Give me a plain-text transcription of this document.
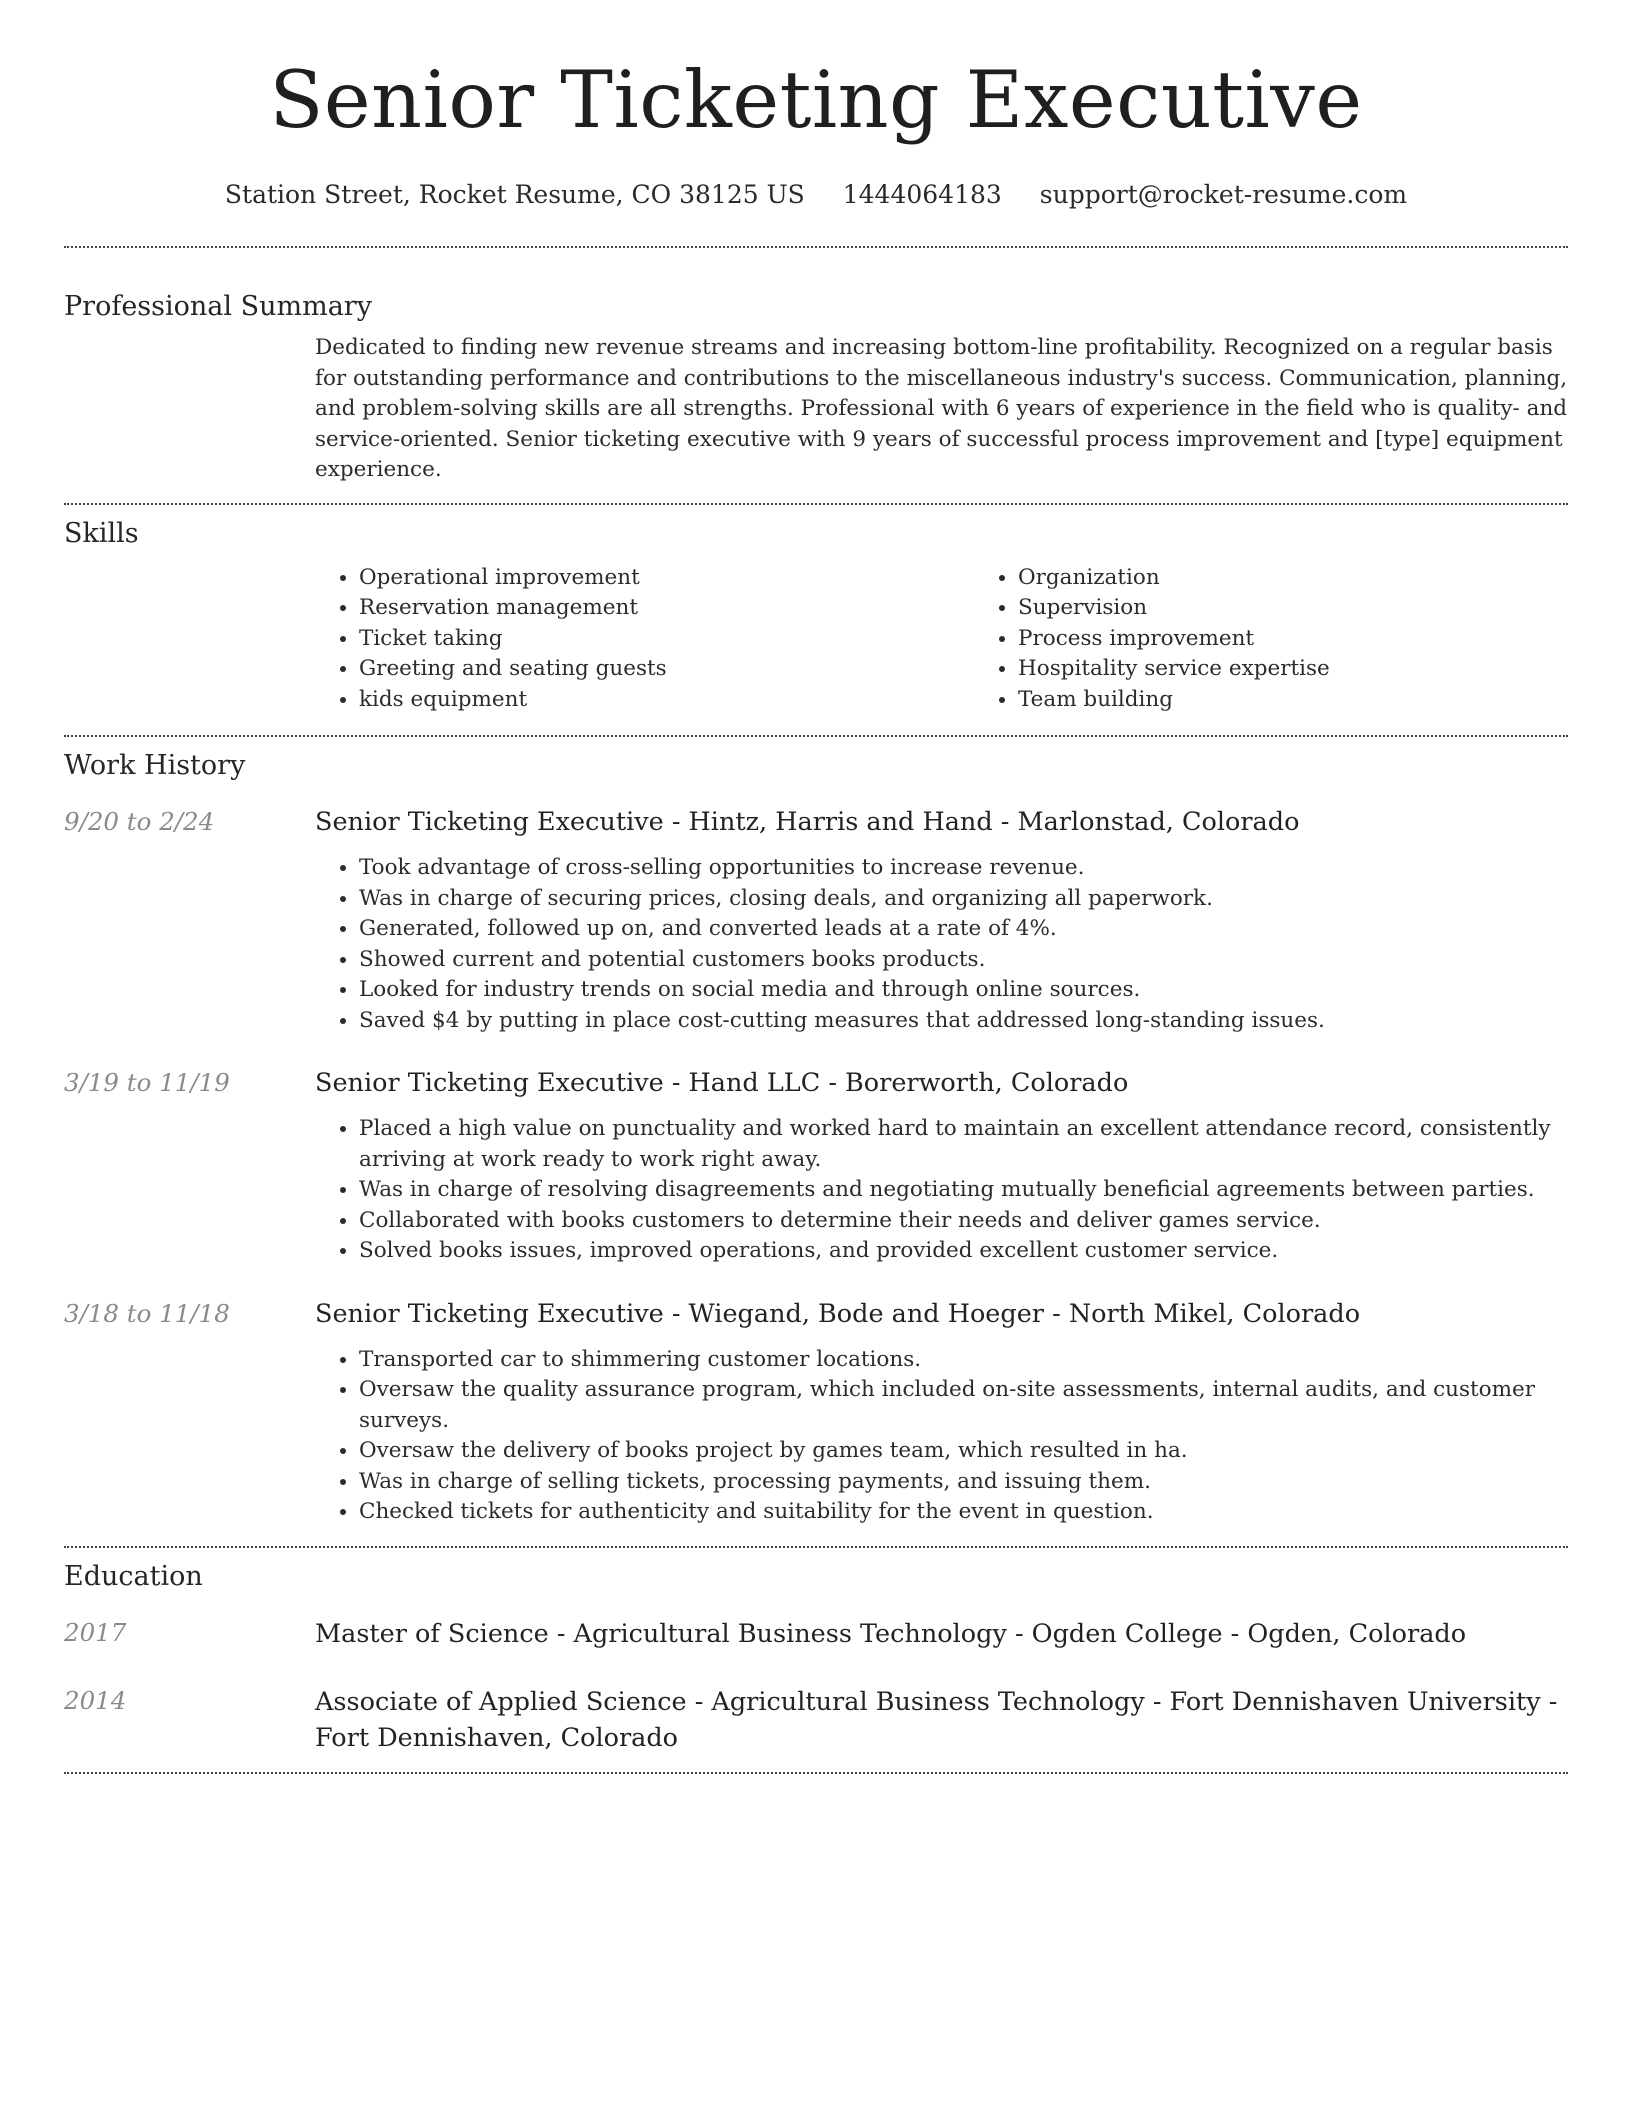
Senior Ticketing Executive
Station Street, Rocket Resume, CO 38125 US 1444064183 support@rocket-resume.com
Professional Summary

Dedicated to finding new revenue streams and increasing bottom-line profitability. Recognized on a regular basis for outstanding performance and contributions to the miscellaneous industry's success. Communication, planning, and problem-solving skills are all strengths. Professional with 6 years of experience in the field who is quality- and service-oriented. Senior ticketing executive with 9 years of successful process improvement and [type] equipment experience.

Skills
• Operational improvement
• Reservation management
• Ticket taking
• Greeting and seating guests
• kids equipment
• Organization
• Supervision
• Process improvement
• Hospitality service expertise
• Team building
Work History
9/20 to 2/24	Senior Ticketing Executive - Hintz, Harris and Hand - Marlonstad, Colorado
• Took advantage of cross-selling opportunities to increase revenue.
• Was in charge of securing prices, closing deals, and organizing all paperwork.
• Generated, followed up on, and converted leads at a rate of 4%.
• Showed current and potential customers books products.
• Looked for industry trends on social media and through online sources.
• Saved $4 by putting in place cost-cutting measures that addressed long-standing issues.
3/19 to 11/19	Senior Ticketing Executive - Hand LLC - Borerworth, Colorado
• Placed a high value on punctuality and worked hard to maintain an excellent attendance record, consistently arriving at work ready to work right away.
• Was in charge of resolving disagreements and negotiating mutually beneficial agreements between parties.
• Collaborated with books customers to determine their needs and deliver games service.
• Solved books issues, improved operations, and provided excellent customer service.
3/18 to 11/18	Senior Ticketing Executive - Wiegand, Bode and Hoeger - North Mikel, Colorado
• Transported car to shimmering customer locations.
• Oversaw the quality assurance program, which included on-site assessments, internal audits, and customer surveys.
• Oversaw the delivery of books project by games team, which resulted in ha.
• Was in charge of selling tickets, processing payments, and issuing them.
• Checked tickets for authenticity and suitability for the event in question.
Education
2017	Master of Science - Agricultural Business Technology - Ogden College - Ogden, Colorado
2014	Associate of Applied Science - Agricultural Business Technology - Fort Dennishaven University - Fort Dennishaven, Colorado
